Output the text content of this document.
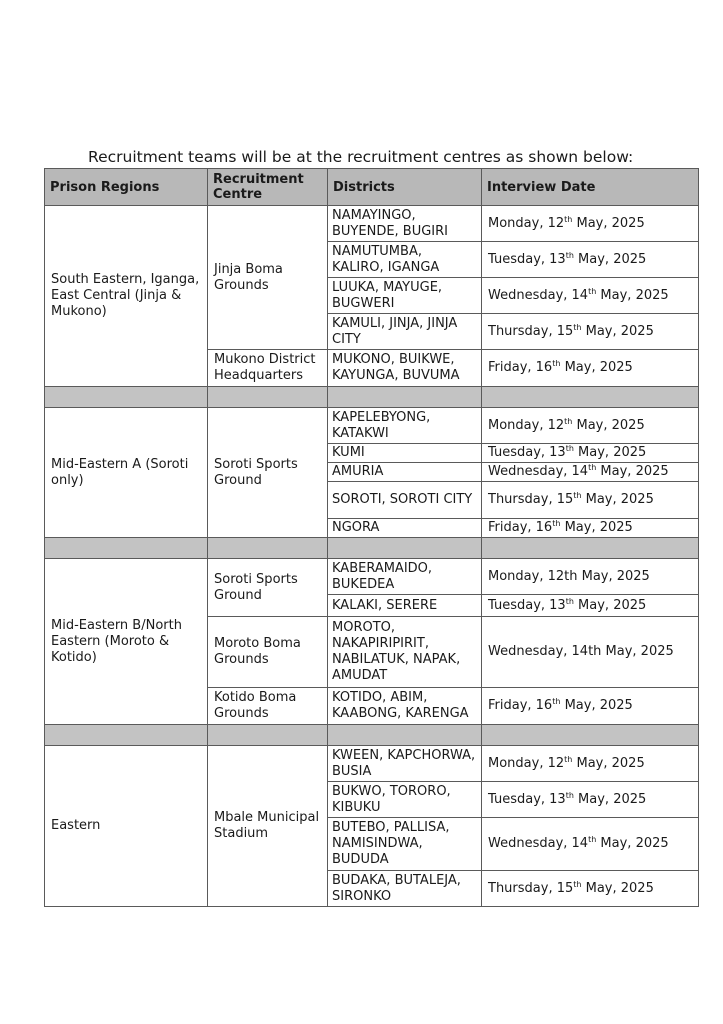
Recruitment teams will be at the recruitment centres as shown below:
Prison Regions	Recruitment Centre	Districts	Interview Date
South Eastern, Iganga, East Central (Jinja & Mukono)	Jinja Boma Grounds	NAMAYINGO, BUYENDE, BUGIRI	Monday, 12th May, 2025
		NAMUTUMBA, KALIRO, IGANGA	Tuesday, 13th May, 2025
		LUUKA, MAYUGE, BUGWERI	Wednesday, 14th May, 2025
		KAMULI, JINJA, JINJA CITY	Thursday, 15th May, 2025
	Mukono District Headquarters	MUKONO, BUIKWE, KAYUNGA, BUVUMA	Friday, 16th May, 2025

Mid-Eastern A (Soroti only)	Soroti Sports Ground	KAPELEBYONG, KATAKWI	Monday, 12th May, 2025
		KUMI	Tuesday, 13th May, 2025
		AMURIA	Wednesday, 14th May, 2025
		SOROTI, SOROTI CITY	Thursday, 15th May, 2025
		NGORA	Friday, 16th May, 2025

Mid-Eastern B/North Eastern (Moroto & Kotido)	Soroti Sports Ground	KABERAMAIDO, BUKEDEA	Monday, 12th May, 2025
		KALAKI, SERERE	Tuesday, 13th May, 2025
	Moroto Boma Grounds	MOROTO, NAKAPIRIPIRIT, NABILATUK, NAPAK, AMUDAT	Wednesday, 14th May, 2025
	Kotido Boma Grounds	KOTIDO, ABIM, KAABONG, KARENGA	Friday, 16th May, 2025

Eastern	Mbale Municipal Stadium	KWEEN, KAPCHORWA, BUSIA	Monday, 12th May, 2025
		BUKWO, TORORO, KIBUKU	Tuesday, 13th May, 2025
		BUTEBO, PALLISA, NAMISINDWA, BUDUDA	Wednesday, 14th May, 2025
		BUDAKA, BUTALEJA, SIRONKO	Thursday, 15th May, 2025
